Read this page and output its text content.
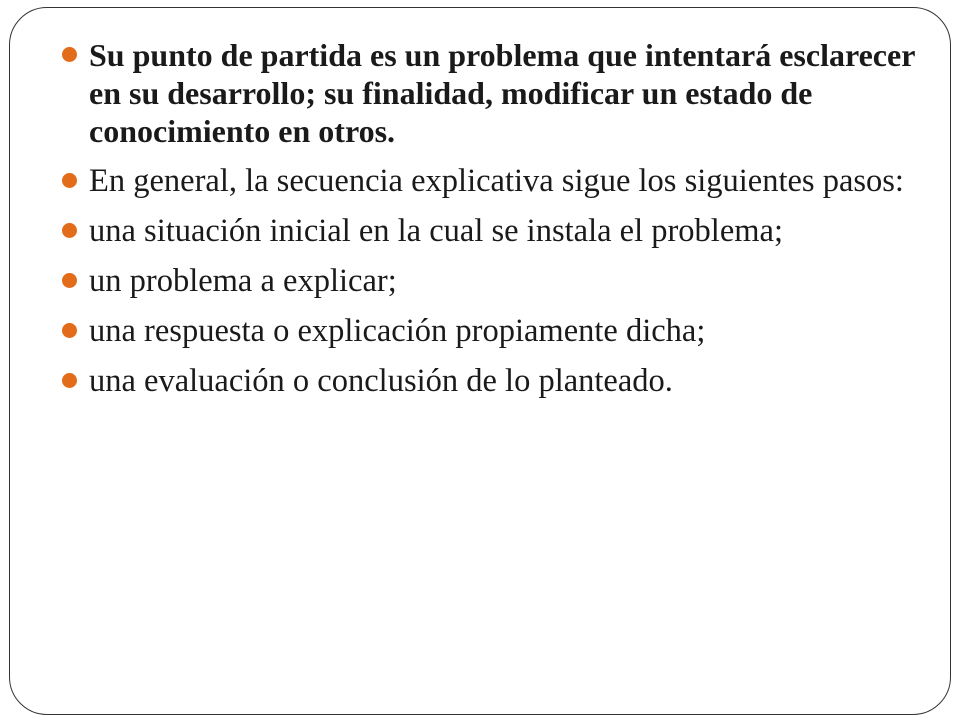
Su punto de partida es un problema que intentará esclarecer en su desarrollo; su finalidad, modificar un estado de conocimiento en otros.
En general, la secuencia explicativa sigue los siguientes pasos:
una situación inicial en la cual se instala el problema;
un problema a explicar;
una respuesta o explicación propiamente dicha;
una evaluación o conclusión de lo planteado.
